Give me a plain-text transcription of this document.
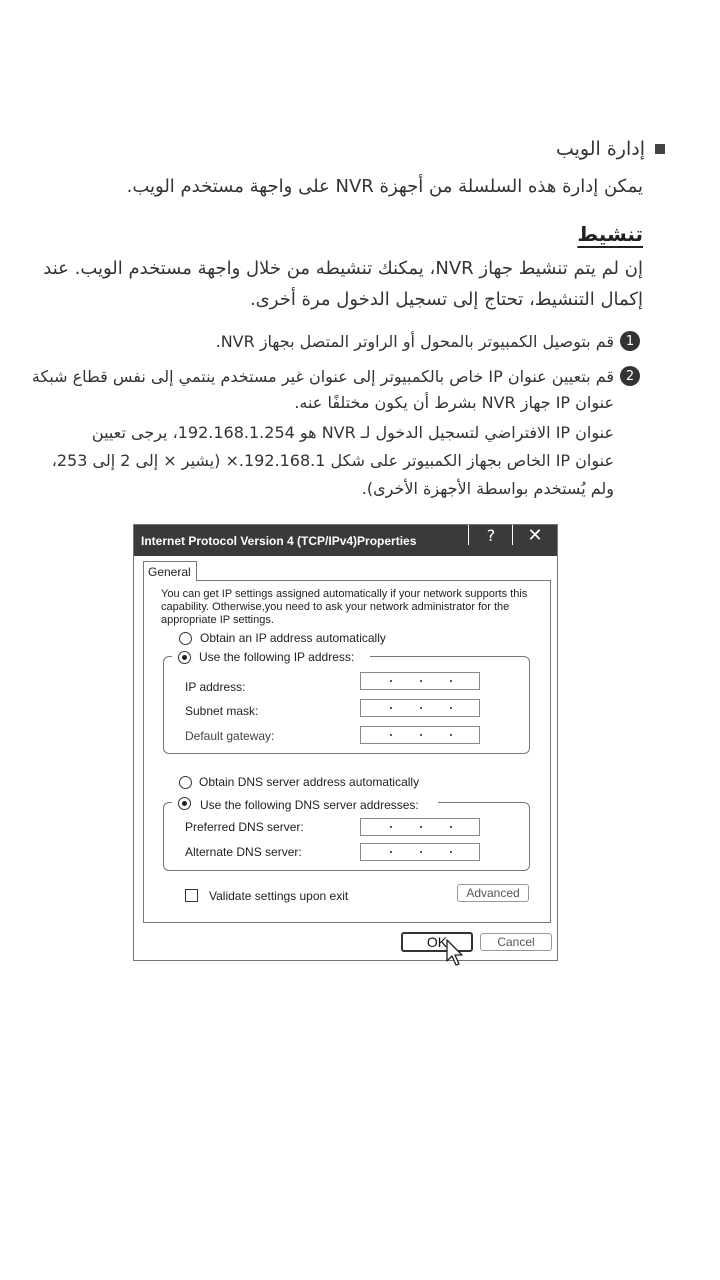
إدارة الويب
يمكن إدارة هذه السلسلة من أجهزة NVR على واجهة مستخدم الويب.
تنشيط
إن لم يتم تنشيط جهاز NVR، يمكنك تنشيطه من خلال واجهة مستخدم الويب. عند
إكمال التنشيط، تحتاج إلى تسجيل الدخول مرة أخرى.
1
قم بتوصيل الكمبيوتر بالمحول أو الراوتر المتصل بجهاز NVR.
2
قم بتعيين عنوان IP خاص بالكمبيوتر إلى عنوان غير مستخدم ينتمي إلى نفس قطاع شبكة
عنوان IP جهاز NVR بشرط أن يكون مختلفًا عنه.
عنوان IP الافتراضي لتسجيل الدخول لـ NVR هو 192.168.1.254، يرجى تعيين
عنوان IP الخاص بجهاز الكمبيوتر على شكل 192.168.1.× (يشير × إلى 2 إلى 253،
ولم يُستخدم بواسطة الأجهزة الأخرى).
Internet Protocol Version 4 (TCP/IPv4)Properties	?	✕
General
You can get IP settings assigned automatically if your network supports this capability. Otherwise,you need to ask your network administrator for the appropriate IP settings.
Obtain an IP address automatically
Use the following IP address:
IP address:
Subnet mask:
Default gateway:
Obtain DNS server address automatically
Use the following DNS server addresses:
Preferred DNS server:
Alternate DNS server:
Validate settings upon exit	Advanced
OK	Cancel
